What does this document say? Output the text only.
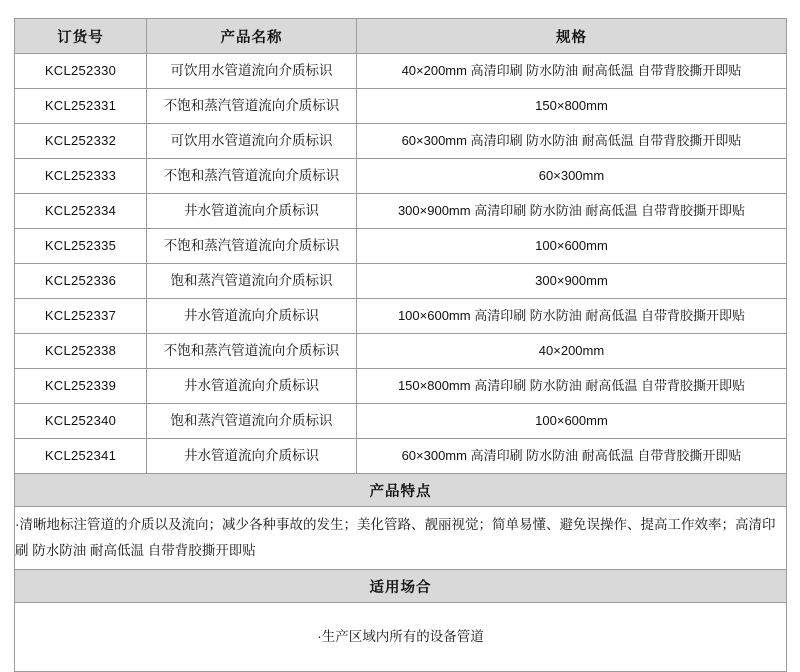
订货号	产品名称	规格
KCL252330	可饮用水管道流向介质标识	40×200mm 高清印刷 防水防油 耐高低温 自带背胶撕开即贴
KCL252331	不饱和蒸汽管道流向介质标识	150×800mm
KCL252332	可饮用水管道流向介质标识	60×300mm 高清印刷 防水防油 耐高低温 自带背胶撕开即贴
KCL252333	不饱和蒸汽管道流向介质标识	60×300mm
KCL252334	井水管道流向介质标识	300×900mm 高清印刷 防水防油 耐高低温 自带背胶撕开即贴
KCL252335	不饱和蒸汽管道流向介质标识	100×600mm
KCL252336	饱和蒸汽管道流向介质标识	300×900mm
KCL252337	井水管道流向介质标识	100×600mm 高清印刷 防水防油 耐高低温 自带背胶撕开即贴
KCL252338	不饱和蒸汽管道流向介质标识	40×200mm
KCL252339	井水管道流向介质标识	150×800mm 高清印刷 防水防油 耐高低温 自带背胶撕开即贴
KCL252340	饱和蒸汽管道流向介质标识	100×600mm
KCL252341	井水管道流向介质标识	60×300mm 高清印刷 防水防油 耐高低温 自带背胶撕开即贴
产品特点		
·清晰地标注管道的介质以及流向；减少各种事故的发生；美化管路、靓丽视觉；简单易懂、避免误操作、提高工作效率；高清印刷 防水防油 耐高低温 自带背胶撕开即贴		
适用场合		
·生产区域内所有的设备管道		
